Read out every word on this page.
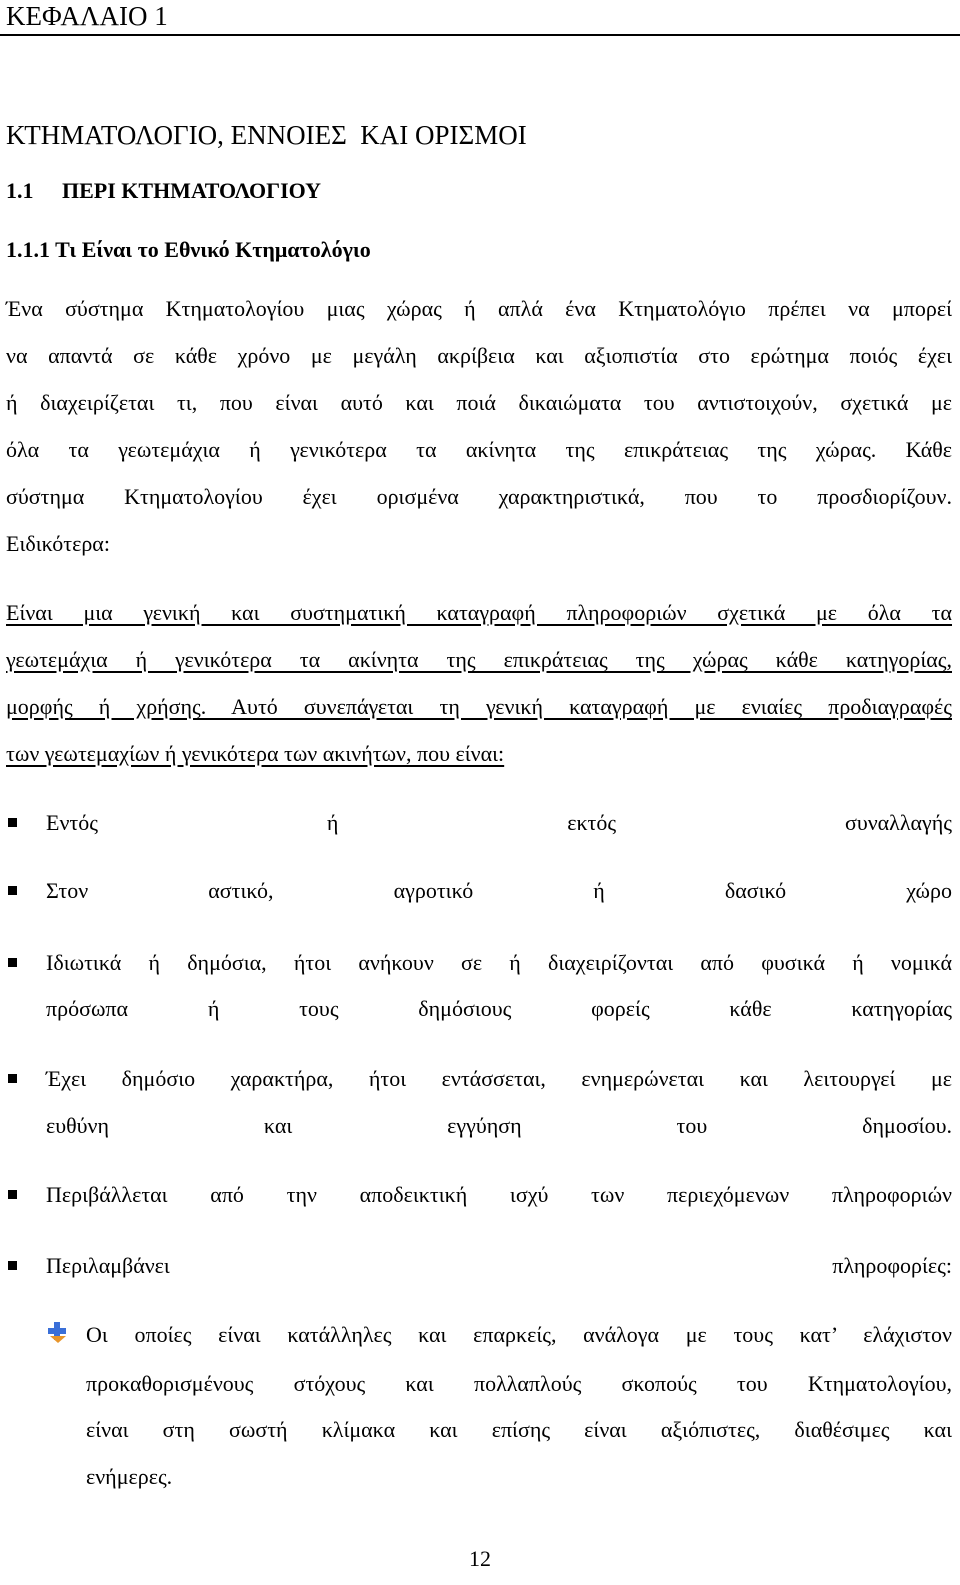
ΚΕΦΑΛΑΙΟ 1
ΚΤΗΜΑΤΟΛΟΓΙΟ, ΕΝΝΟΙΕΣ  ΚΑΙ ΟΡΙΣΜΟΙ
1.1 ΠΕΡΙ ΚΤΗΜΑΤΟΛΟΓΙΟΥ
1.1.1 Τι Είναι το Εθνικό Κτηματολόγιο
Ένα σύστημα Κτηματολογίου μιας χώρας ή απλά ένα Κτηματολόγιο πρέπει να μπορεί
να απαντά σε κάθε χρόνο με μεγάλη ακρίβεια και αξιοπιστία στο ερώτημα ποιός έχει
ή διαχειρίζεται τι, που είναι αυτό και ποιά δικαιώματα του αντιστοιχούν, σχετικά με
όλα τα γεωτεμάχια ή γενικότερα τα ακίνητα της επικράτειας της χώρας. Κάθε
σύστημα Κτηματολογίου έχει ορισμένα χαρακτηριστικά, που το προσδιορίζουν.
Ειδικότερα:
Είναι μια γενική και συστηματική καταγραφή πληροφοριών σχετικά με όλα τα
γεωτεμάχια ή γενικότερα τα ακίνητα της επικράτειας της χώρας κάθε κατηγορίας,
μορφής ή χρήσης. Αυτό συνεπάγεται τη γενική καταγραφή με ενιαίες προδιαγραφές
των γεωτεμαχίων ή γενικότερα των ακινήτων, που είναι:
Εντός ή εκτός συναλλαγής
Στον αστικό, αγροτικό ή δασικό χώρο
Ιδιωτικά ή δημόσια, ήτοι ανήκουν σε ή διαχειρίζονται από φυσικά ή νομικά
πρόσωπα ή τους δημόσιους φορείς κάθε κατηγορίας
Έχει δημόσιο χαρακτήρα, ήτοι εντάσσεται, ενημερώνεται και λειτουργεί με
ευθύνη και εγγύηση του δημοσίου.
Περιβάλλεται από την αποδεικτική ισχύ των περιεχόμενων πληροφοριών
Περιλαμβάνει πληροφορίες:
Οι οποίες είναι κατάλληλες και επαρκείς, ανάλογα με τους κατ’ ελάχιστον
προκαθορισμένους στόχους και πολλαπλούς σκοπούς του Κτηματολογίου,
είναι στη σωστή κλίμακα και επίσης είναι αξιόπιστες, διαθέσιμες και
ενήμερες.
12
